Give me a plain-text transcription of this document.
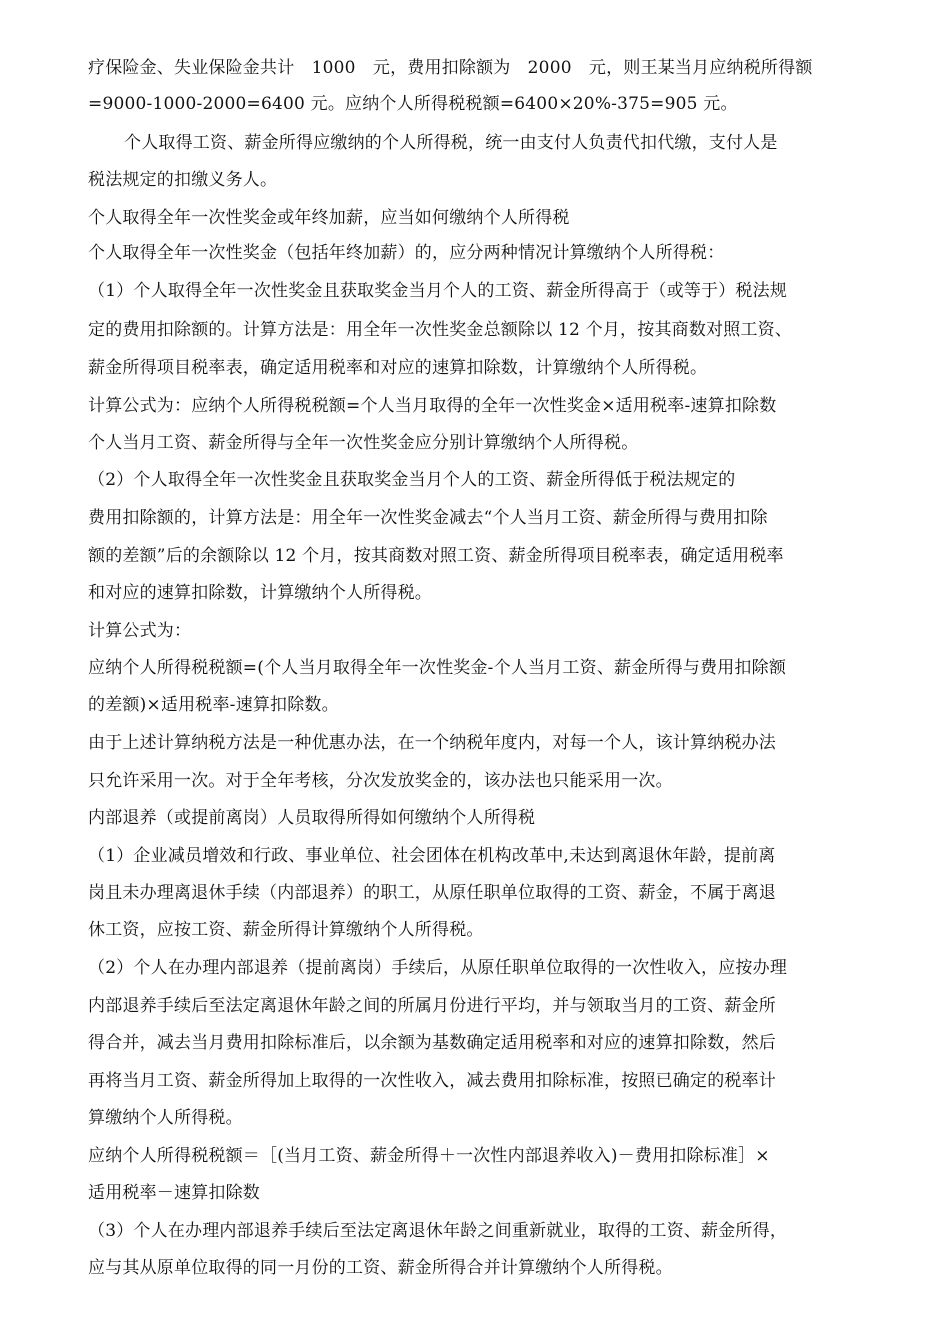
疗保险金、失业保险金共计　1000　元，费用扣除额为　2000　元，则王某当月应纳税所得额
=9000-1000-2000=6400 元。应纳个人所得税税额=6400×20%-375=905 元。
个人取得工资、薪金所得应缴纳的个人所得税，统一由支付人负责代扣代缴，支付人是
税法规定的扣缴义务人。
个人取得全年一次性奖金或年终加薪，应当如何缴纳个人所得税
个人取得全年一次性奖金（包括年终加薪）的，应分两种情况计算缴纳个人所得税：
（1）个人取得全年一次性奖金且获取奖金当月个人的工资、薪金所得高于（或等于）税法规
定的费用扣除额的。计算方法是：用全年一次性奖金总额除以 12 个月，按其商数对照工资、
薪金所得项目税率表，确定适用税率和对应的速算扣除数，计算缴纳个人所得税。
计算公式为：应纳个人所得税税额=个人当月取得的全年一次性奖金×适用税率-速算扣除数
个人当月工资、薪金所得与全年一次性奖金应分别计算缴纳个人所得税。
（2）个人取得全年一次性奖金且获取奖金当月个人的工资、薪金所得低于税法规定的
费用扣除额的，计算方法是：用全年一次性奖金减去“个人当月工资、薪金所得与费用扣除
额的差额”后的余额除以 12 个月，按其商数对照工资、薪金所得项目税率表，确定适用税率
和对应的速算扣除数，计算缴纳个人所得税。
计算公式为：
应纳个人所得税税额=(个人当月取得全年一次性奖金-个人当月工资、薪金所得与费用扣除额
的差额)×适用税率-速算扣除数。
由于上述计算纳税方法是一种优惠办法，在一个纳税年度内，对每一个人，该计算纳税办法
只允许采用一次。对于全年考核，分次发放奖金的，该办法也只能采用一次。
内部退养（或提前离岗）人员取得所得如何缴纳个人所得税
（1）企业减员增效和行政、事业单位、社会团体在机构改革中,未达到离退休年龄，提前离
岗且未办理离退休手续（内部退养）的职工，从原任职单位取得的工资、薪金，不属于离退
休工资，应按工资、薪金所得计算缴纳个人所得税。
（2）个人在办理内部退养（提前离岗）手续后，从原任职单位取得的一次性收入，应按办理
内部退养手续后至法定离退休年龄之间的所属月份进行平均，并与领取当月的工资、薪金所
得合并，减去当月费用扣除标准后，以余额为基数确定适用税率和对应的速算扣除数，然后
再将当月工资、薪金所得加上取得的一次性收入，减去费用扣除标准，按照已确定的税率计
算缴纳个人所得税。
应纳个人所得税税额＝［(当月工资、薪金所得＋一次性内部退养收入)－费用扣除标准］×
适用税率－速算扣除数
（3）个人在办理内部退养手续后至法定离退休年龄之间重新就业，取得的工资、薪金所得，
应与其从原单位取得的同一月份的工资、薪金所得合并计算缴纳个人所得税。
